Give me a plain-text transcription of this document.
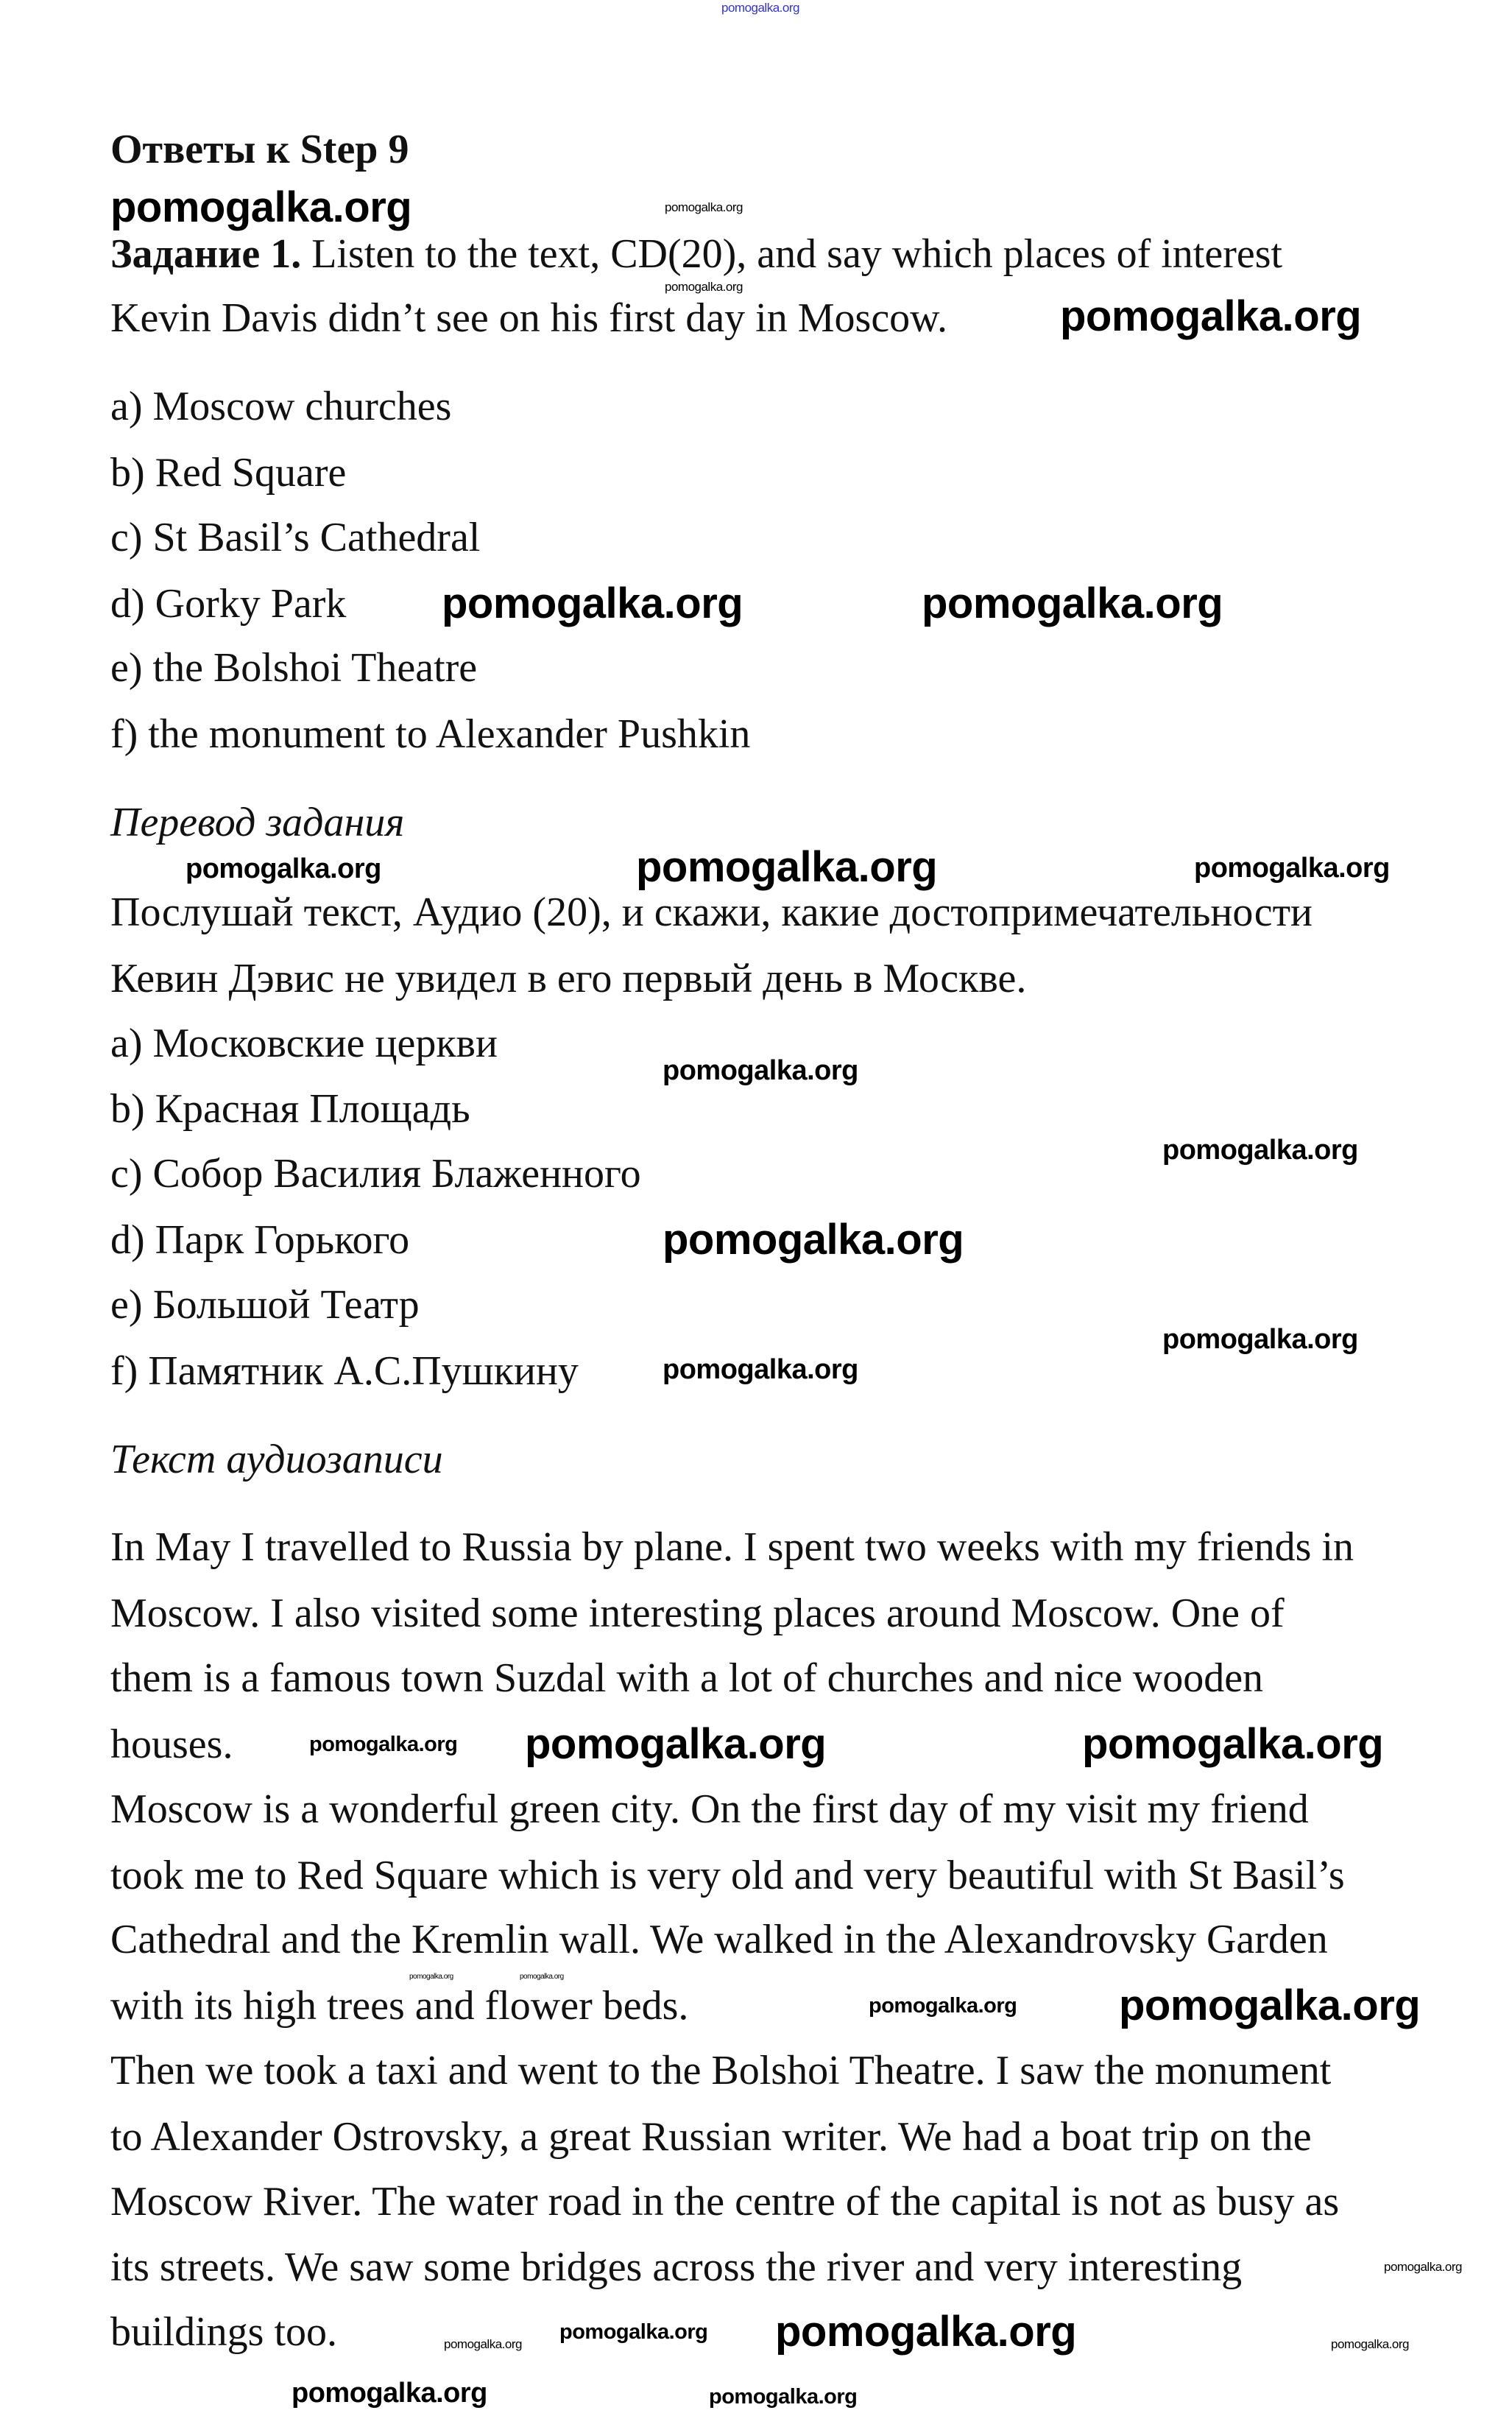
pomogalka.org
Ответы к Step 9
Задание 1. Listen to the text, CD(20), and say which places of interest
Kevin Davis didn’t see on his first day in Moscow.
a) Moscow churches
b) Red Square
c) St Basil’s Cathedral
d) Gorky Park
e) the Bolshoi Theatre
f) the monument to Alexander Pushkin
Перевод задания
Послушай текст, Аудио (20), и скажи, какие достопримечательности
Кевин Дэвис не увидел в его первый день в Москве.
a) Московские церкви
b) Красная Площадь
c) Собор Василия Блаженного
d) Парк Горького
e) Большой Театр
f) Памятник А.С.Пушкину
Текст аудиозаписи
In May I travelled to Russia by plane. I spent two weeks with my friends in
Moscow. I also visited some interesting places around Moscow. One of
them is a famous town Suzdal with a lot of churches and nice wooden
houses.
Moscow is a wonderful green city. On the first day of my visit my friend
took me to Red Square which is very old and very beautiful with St Basil’s
Cathedral and the Kremlin wall. We walked in the Alexandrovsky Garden
with its high trees and flower beds.
Then we took a taxi and went to the Bolshoi Theatre. I saw the monument
to Alexander Ostrovsky, a great Russian writer. We had a boat trip on the
Moscow River. The water road in the centre of the capital is not as busy as
its streets. We saw some bridges across the river and very interesting
buildings too.
pomogalka.org	pomogalka.org
pomogalka.org
pomogalka.org
pomogalka.org	pomogalka.org
pomogalka.org	pomogalka.org	pomogalka.org
pomogalka.org
pomogalka.org
pomogalka.org
pomogalka.org
pomogalka.org
pomogalka.org pomogalka.org	pomogalka.org
pomogalka.org
pomogalka.org
pomogalka.org	pomogalka.org
pomogalka.org
pomogalka.org
pomogalka.org
pomogalka.org
pomogalka.org
pomogalka.org	pomogalka.org
